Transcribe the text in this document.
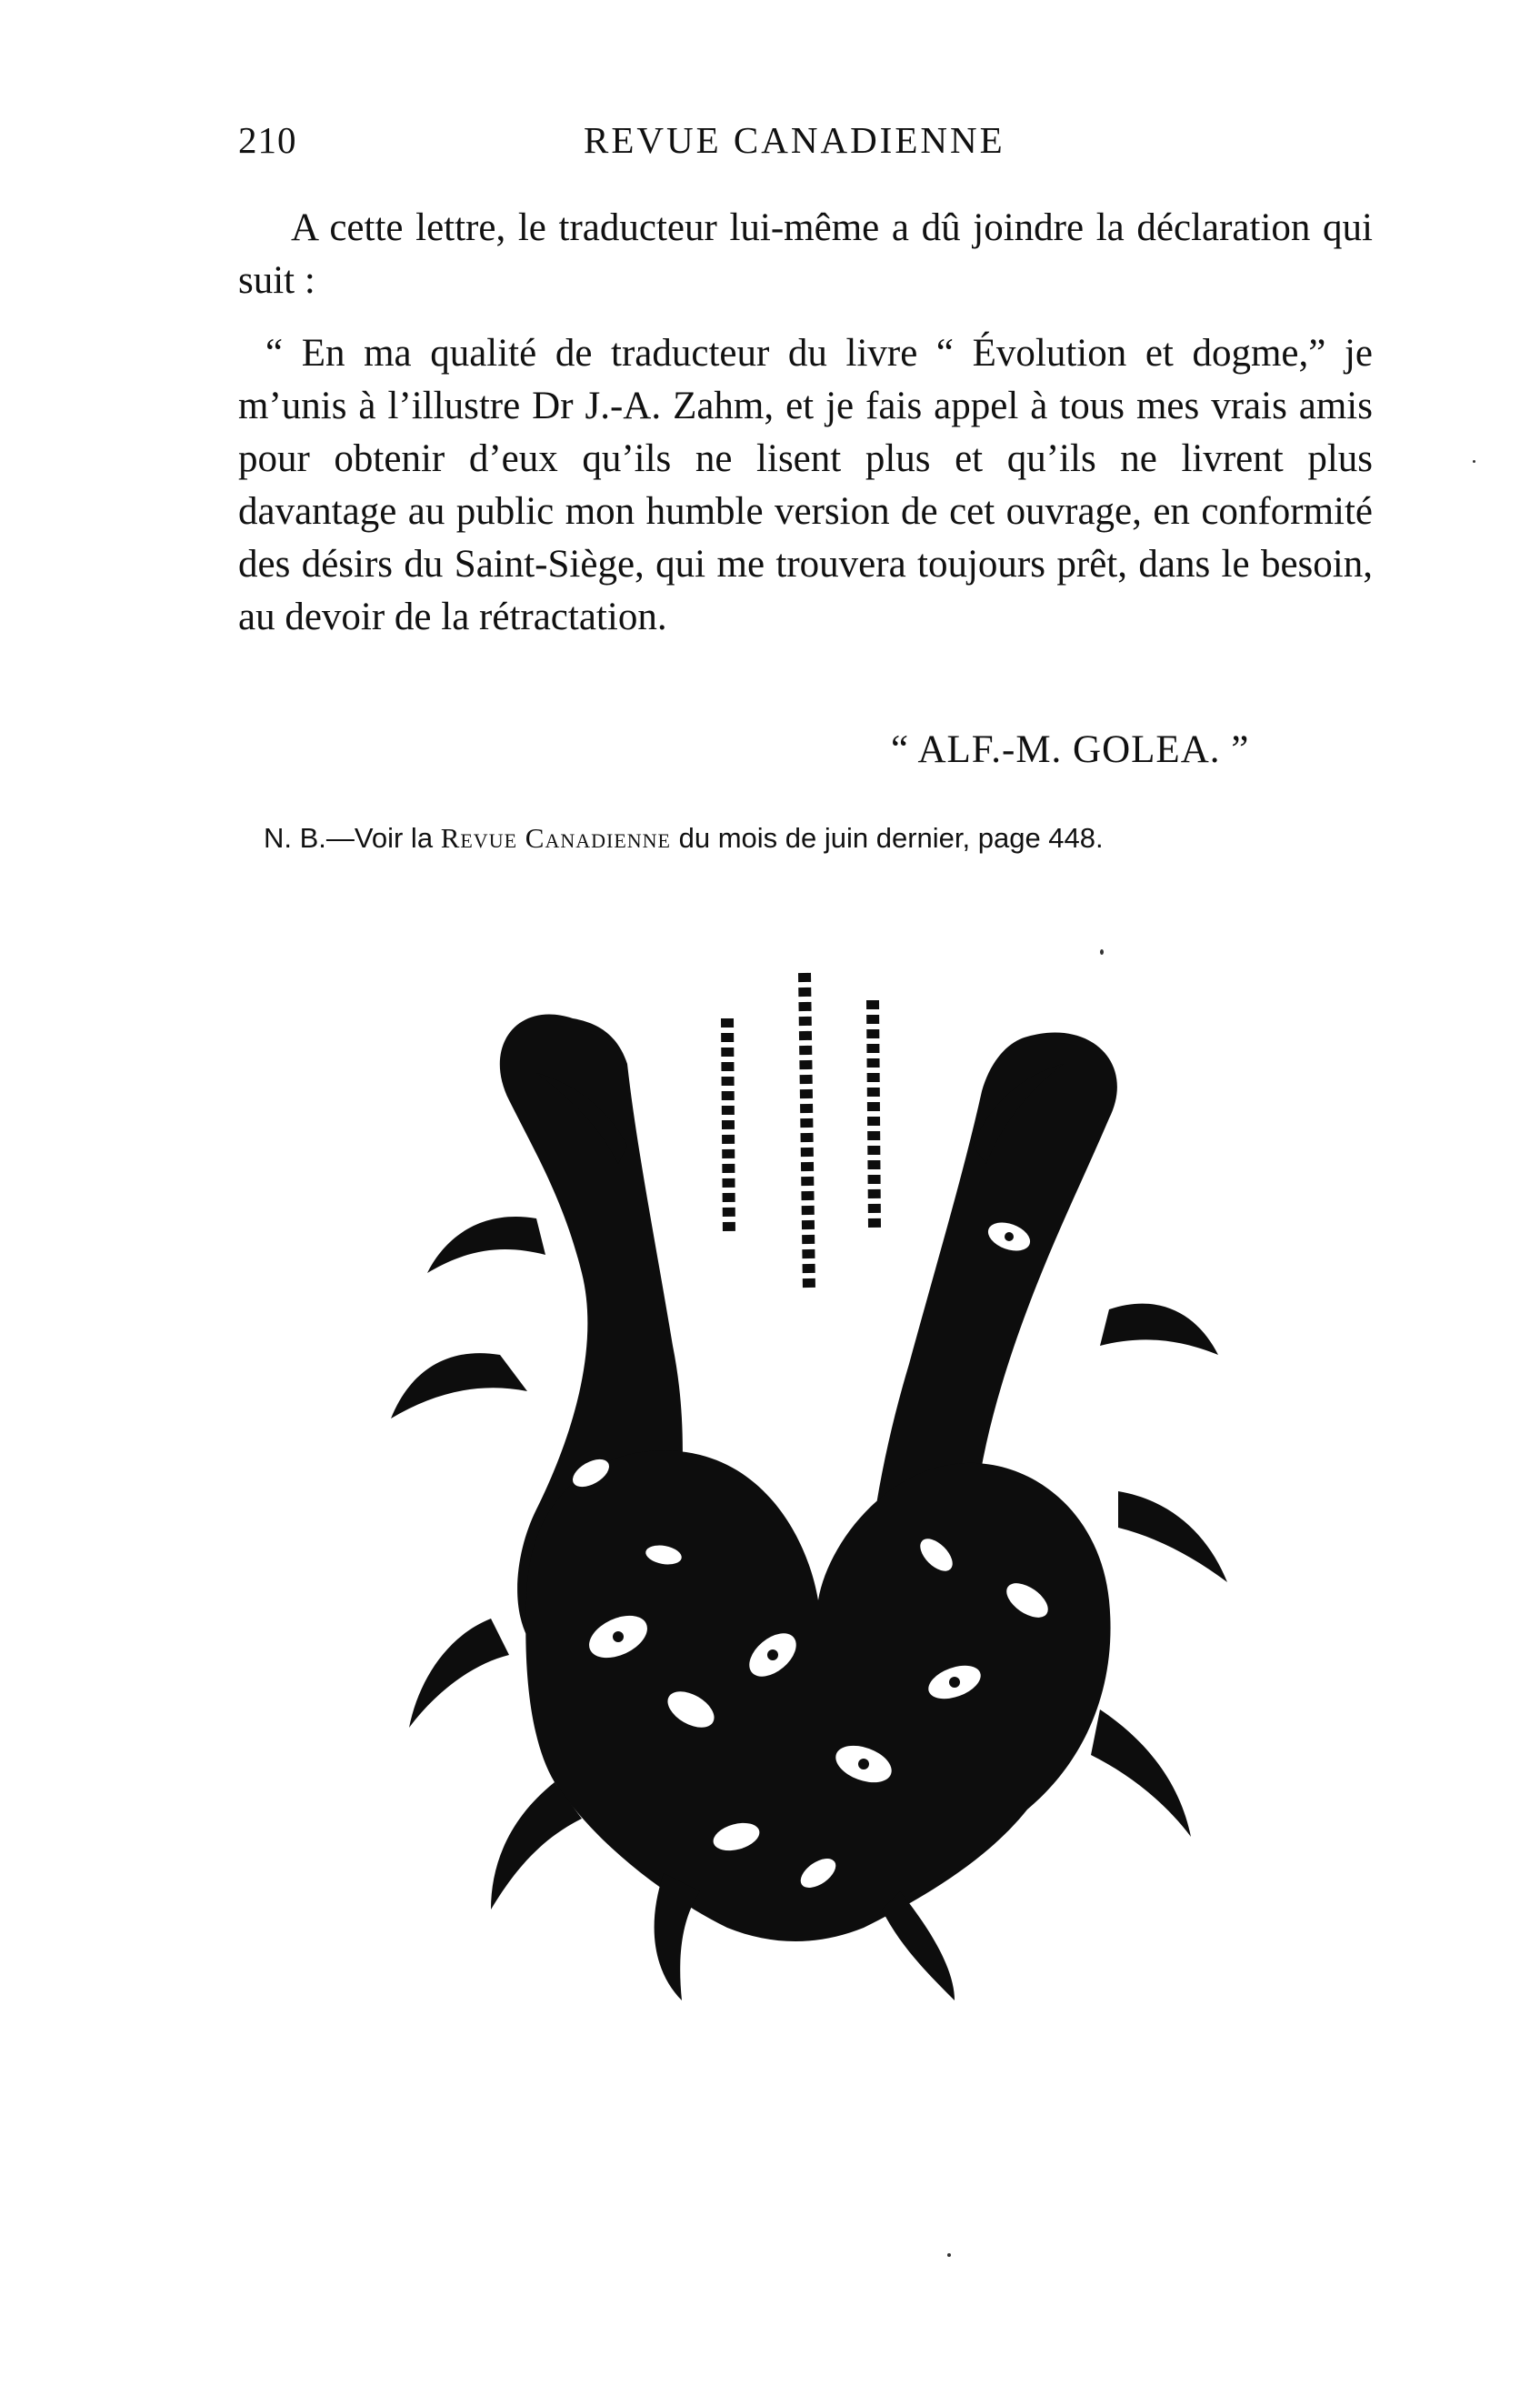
210	REVUE CANADIENNE
A cette lettre, le traducteur lui-même a dû joindre la déclaration qui suit :
“ En ma qualité de traducteur du livre “ Évolution et dogme,” je m’unis à l’illustre Dr J.-A. Zahm, et je fais appel à tous mes vrais amis pour obtenir d’eux qu’ils ne lisent plus et qu’ils ne livrent plus davantage au public mon humble version de cet ouvrage, en conformité des désirs du Saint-Siège, qui me trouvera toujours prêt, dans le besoin, au devoir de la rétractation.
“ ALF.-M. GOLEA. ”
N. B.—Voir la Revue Canadienne du mois de juin dernier, page 448.
